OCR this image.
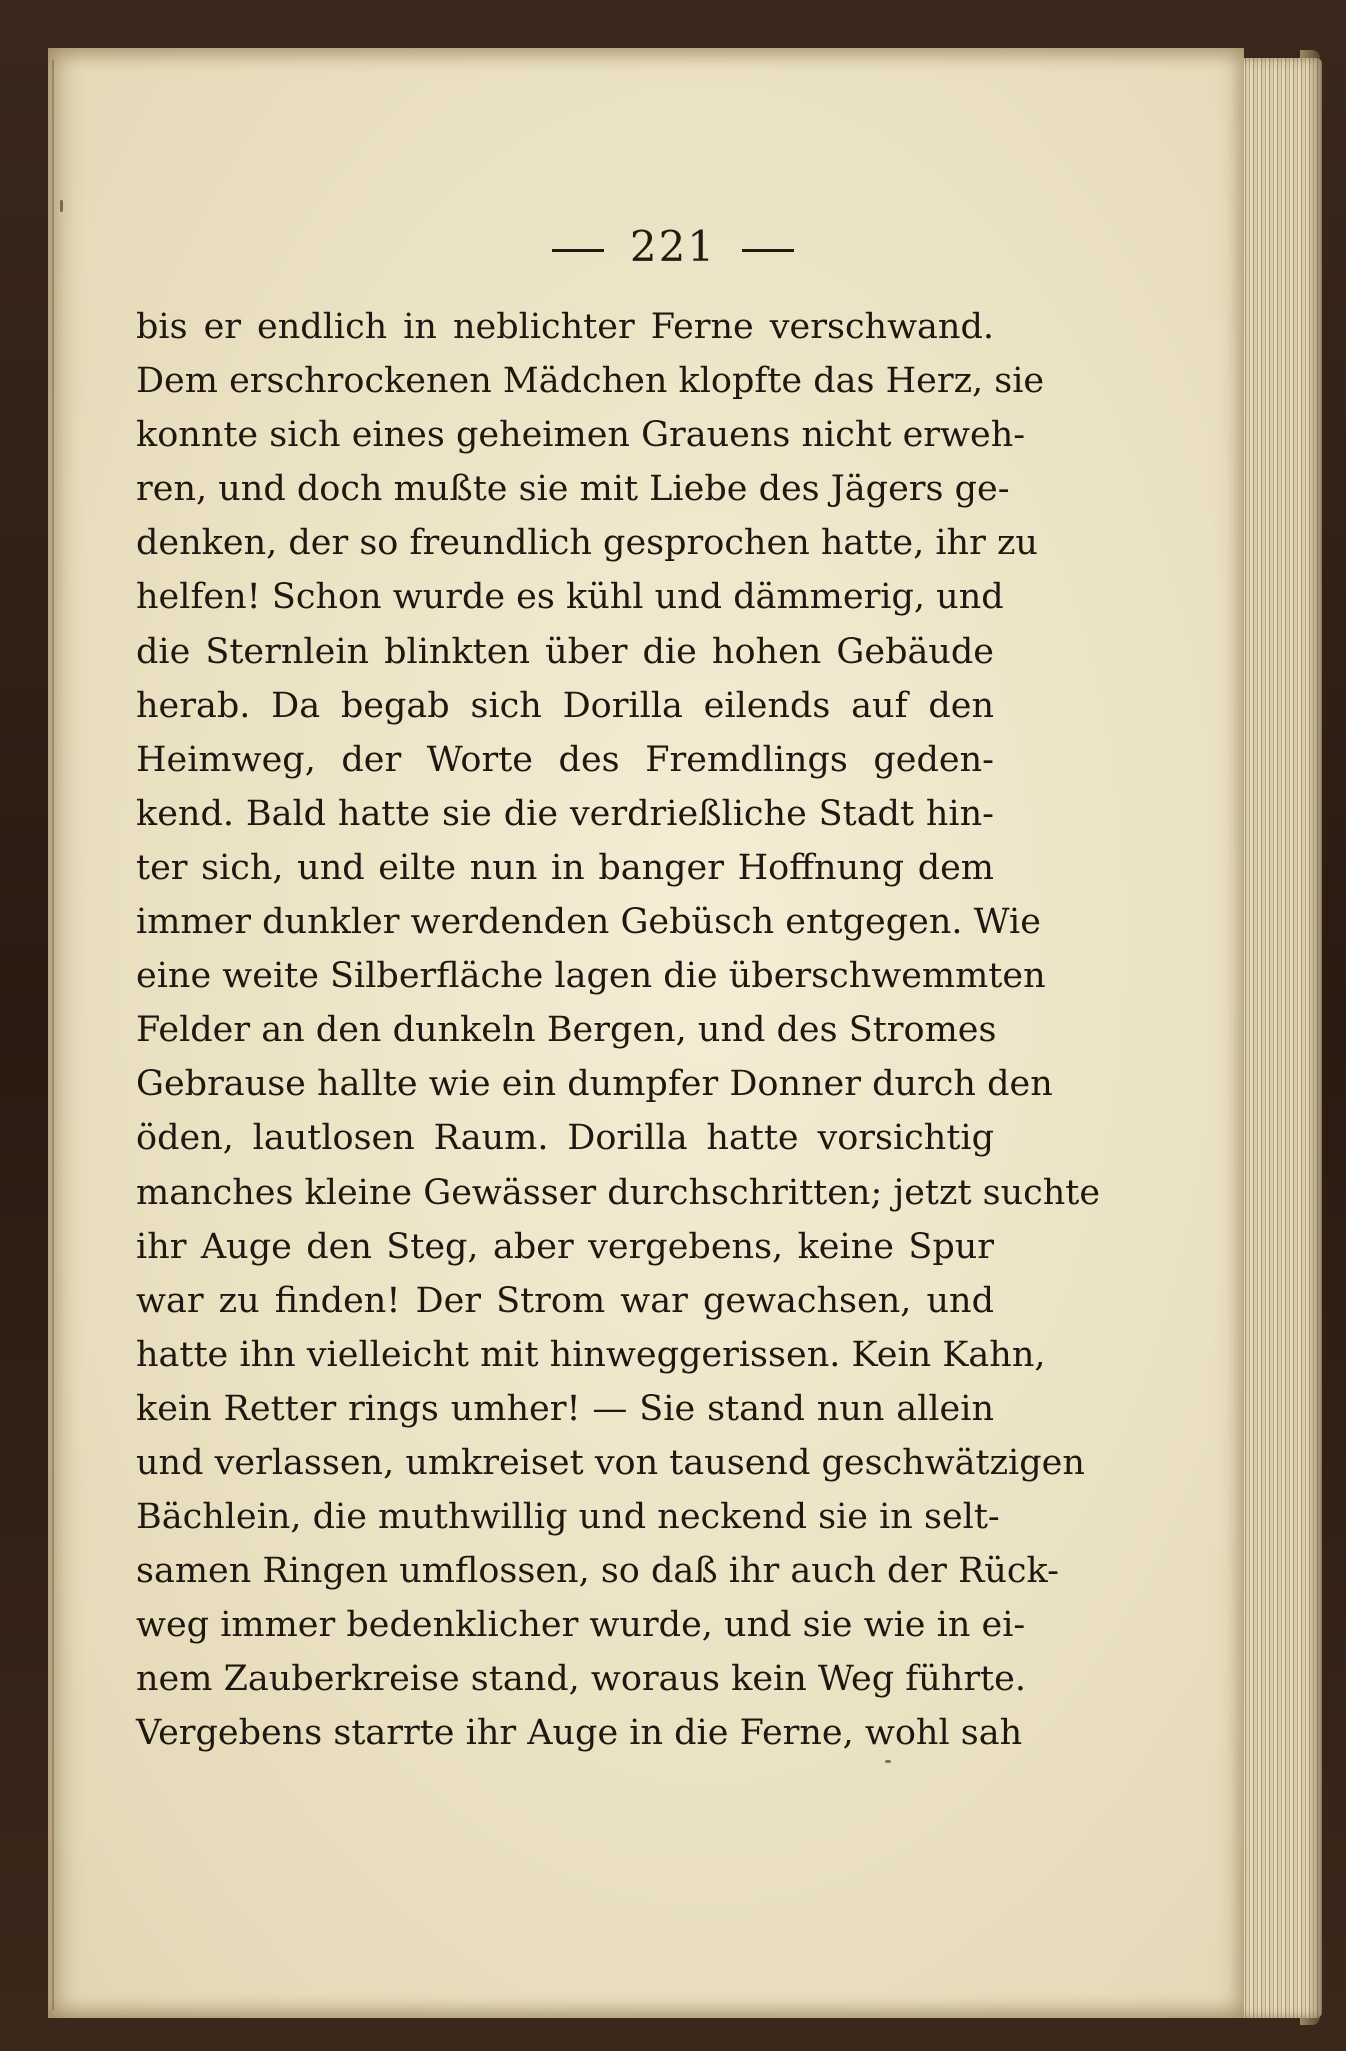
221
bis er endlich in neblichter Ferne verschwand.
Dem erschrockenen Mädchen klopfte das Herz, sie
konnte sich eines geheimen Grauens nicht erweh-
ren, und doch mußte sie mit Liebe des Jägers ge-
denken, der so freundlich gesprochen hatte, ihr zu
helfen! Schon wurde es kühl und dämmerig, und
die Sternlein blinkten über die hohen Gebäude
herab. Da begab sich Dorilla eilends auf den
Heimweg, der Worte des Fremdlings geden-
kend. Bald hatte sie die verdrießliche Stadt hin-
ter sich, und eilte nun in banger Hoffnung dem
immer dunkler werdenden Gebüsch entgegen. Wie
eine weite Silberfläche lagen die überschwemmten
Felder an den dunkeln Bergen, und des Stromes
Gebrause hallte wie ein dumpfer Donner durch den
öden, lautlosen Raum. Dorilla hatte vorsichtig
manches kleine Gewässer durchschritten; jetzt suchte
ihr Auge den Steg, aber vergebens, keine Spur
war zu finden! Der Strom war gewachsen, und
hatte ihn vielleicht mit hinweggerissen. Kein Kahn,
kein Retter rings umher! — Sie stand nun allein
und verlassen, umkreiset von tausend geschwätzigen
Bächlein, die muthwillig und neckend sie in selt-
samen Ringen umflossen, so daß ihr auch der Rück-
weg immer bedenklicher wurde, und sie wie in ei-
nem Zauberkreise stand, woraus kein Weg führte.
Vergebens starrte ihr Auge in die Ferne, wohl sah
